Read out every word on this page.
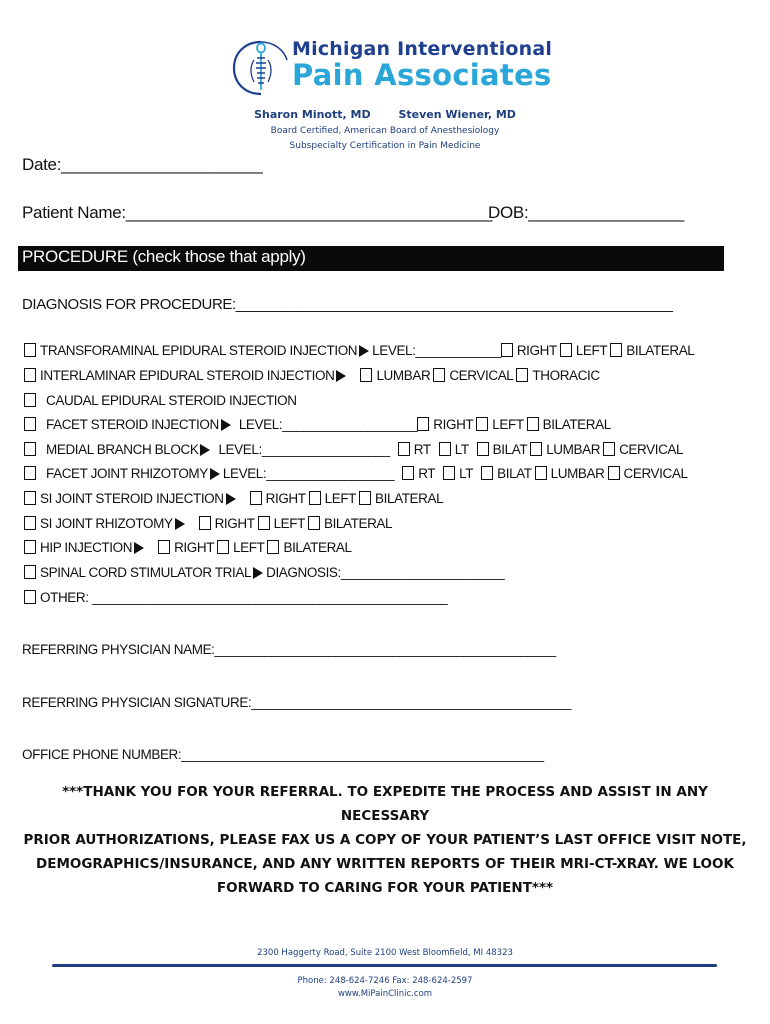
Michigan Interventional
Pain Associates
Sharon Minott, MD	Steven Wiener, MD
Board Certified, American Board of Anesthesiology
Subspecialty Certification in Pain Medicine
Date:______________________
Patient Name:________________________________________
DOB:_________________
PROCEDURE (check those that apply)
DIAGNOSIS FOR PROCEDURE:_______________________________________________________
TRANSFORAMINAL EPIDURAL STEROID INJECTION LEVEL:____________ RIGHT LEFT BILATERAL
INTERLAMINAR EPIDURAL STEROID INJECTION	LUMBAR CERVICAL THORACIC
CAUDAL EPIDURAL STEROID INJECTION
FACET STEROID INJECTION LEVEL:___________________ RIGHT LEFT BILATERAL
MEDIAL BRANCH BLOCK LEVEL:__________________ RT LT BILAT LUMBAR CERVICAL
FACET JOINT RHIZOTOMY LEVEL:__________________ RT LT BILAT LUMBAR CERVICAL
SI JOINT STEROID INJECTION	RIGHT LEFT BILATERAL
SI JOINT RHIZOTOMY	RIGHT LEFT BILATERAL
HIP INJECTION	RIGHT LEFT BILATERAL
SPINAL CORD STIMULATOR TRIAL DIAGNOSIS:_______________________
OTHER: __________________________________________________
REFERRING PHYSICIAN NAME:________________________________________________
REFERRING PHYSICIAN SIGNATURE:_____________________________________________
OFFICE PHONE NUMBER:___________________________________________________
***THANK YOU FOR YOUR REFERRAL. TO EXPEDITE THE PROCESS AND ASSIST IN ANY NECESSARY
PRIOR AUTHORIZATIONS, PLEASE FAX US A COPY OF YOUR PATIENT’S LAST OFFICE VISIT NOTE,
DEMOGRAPHICS/INSURANCE, AND ANY WRITTEN REPORTS OF THEIR MRI-CT-XRAY. WE LOOK
FORWARD TO CARING FOR YOUR PATIENT***
2300 Haggerty Road, Suite 2100 West Bloomfield, MI 48323
Phone: 248-624-7246 Fax: 248-624-2597
www.MiPainClinic.com
